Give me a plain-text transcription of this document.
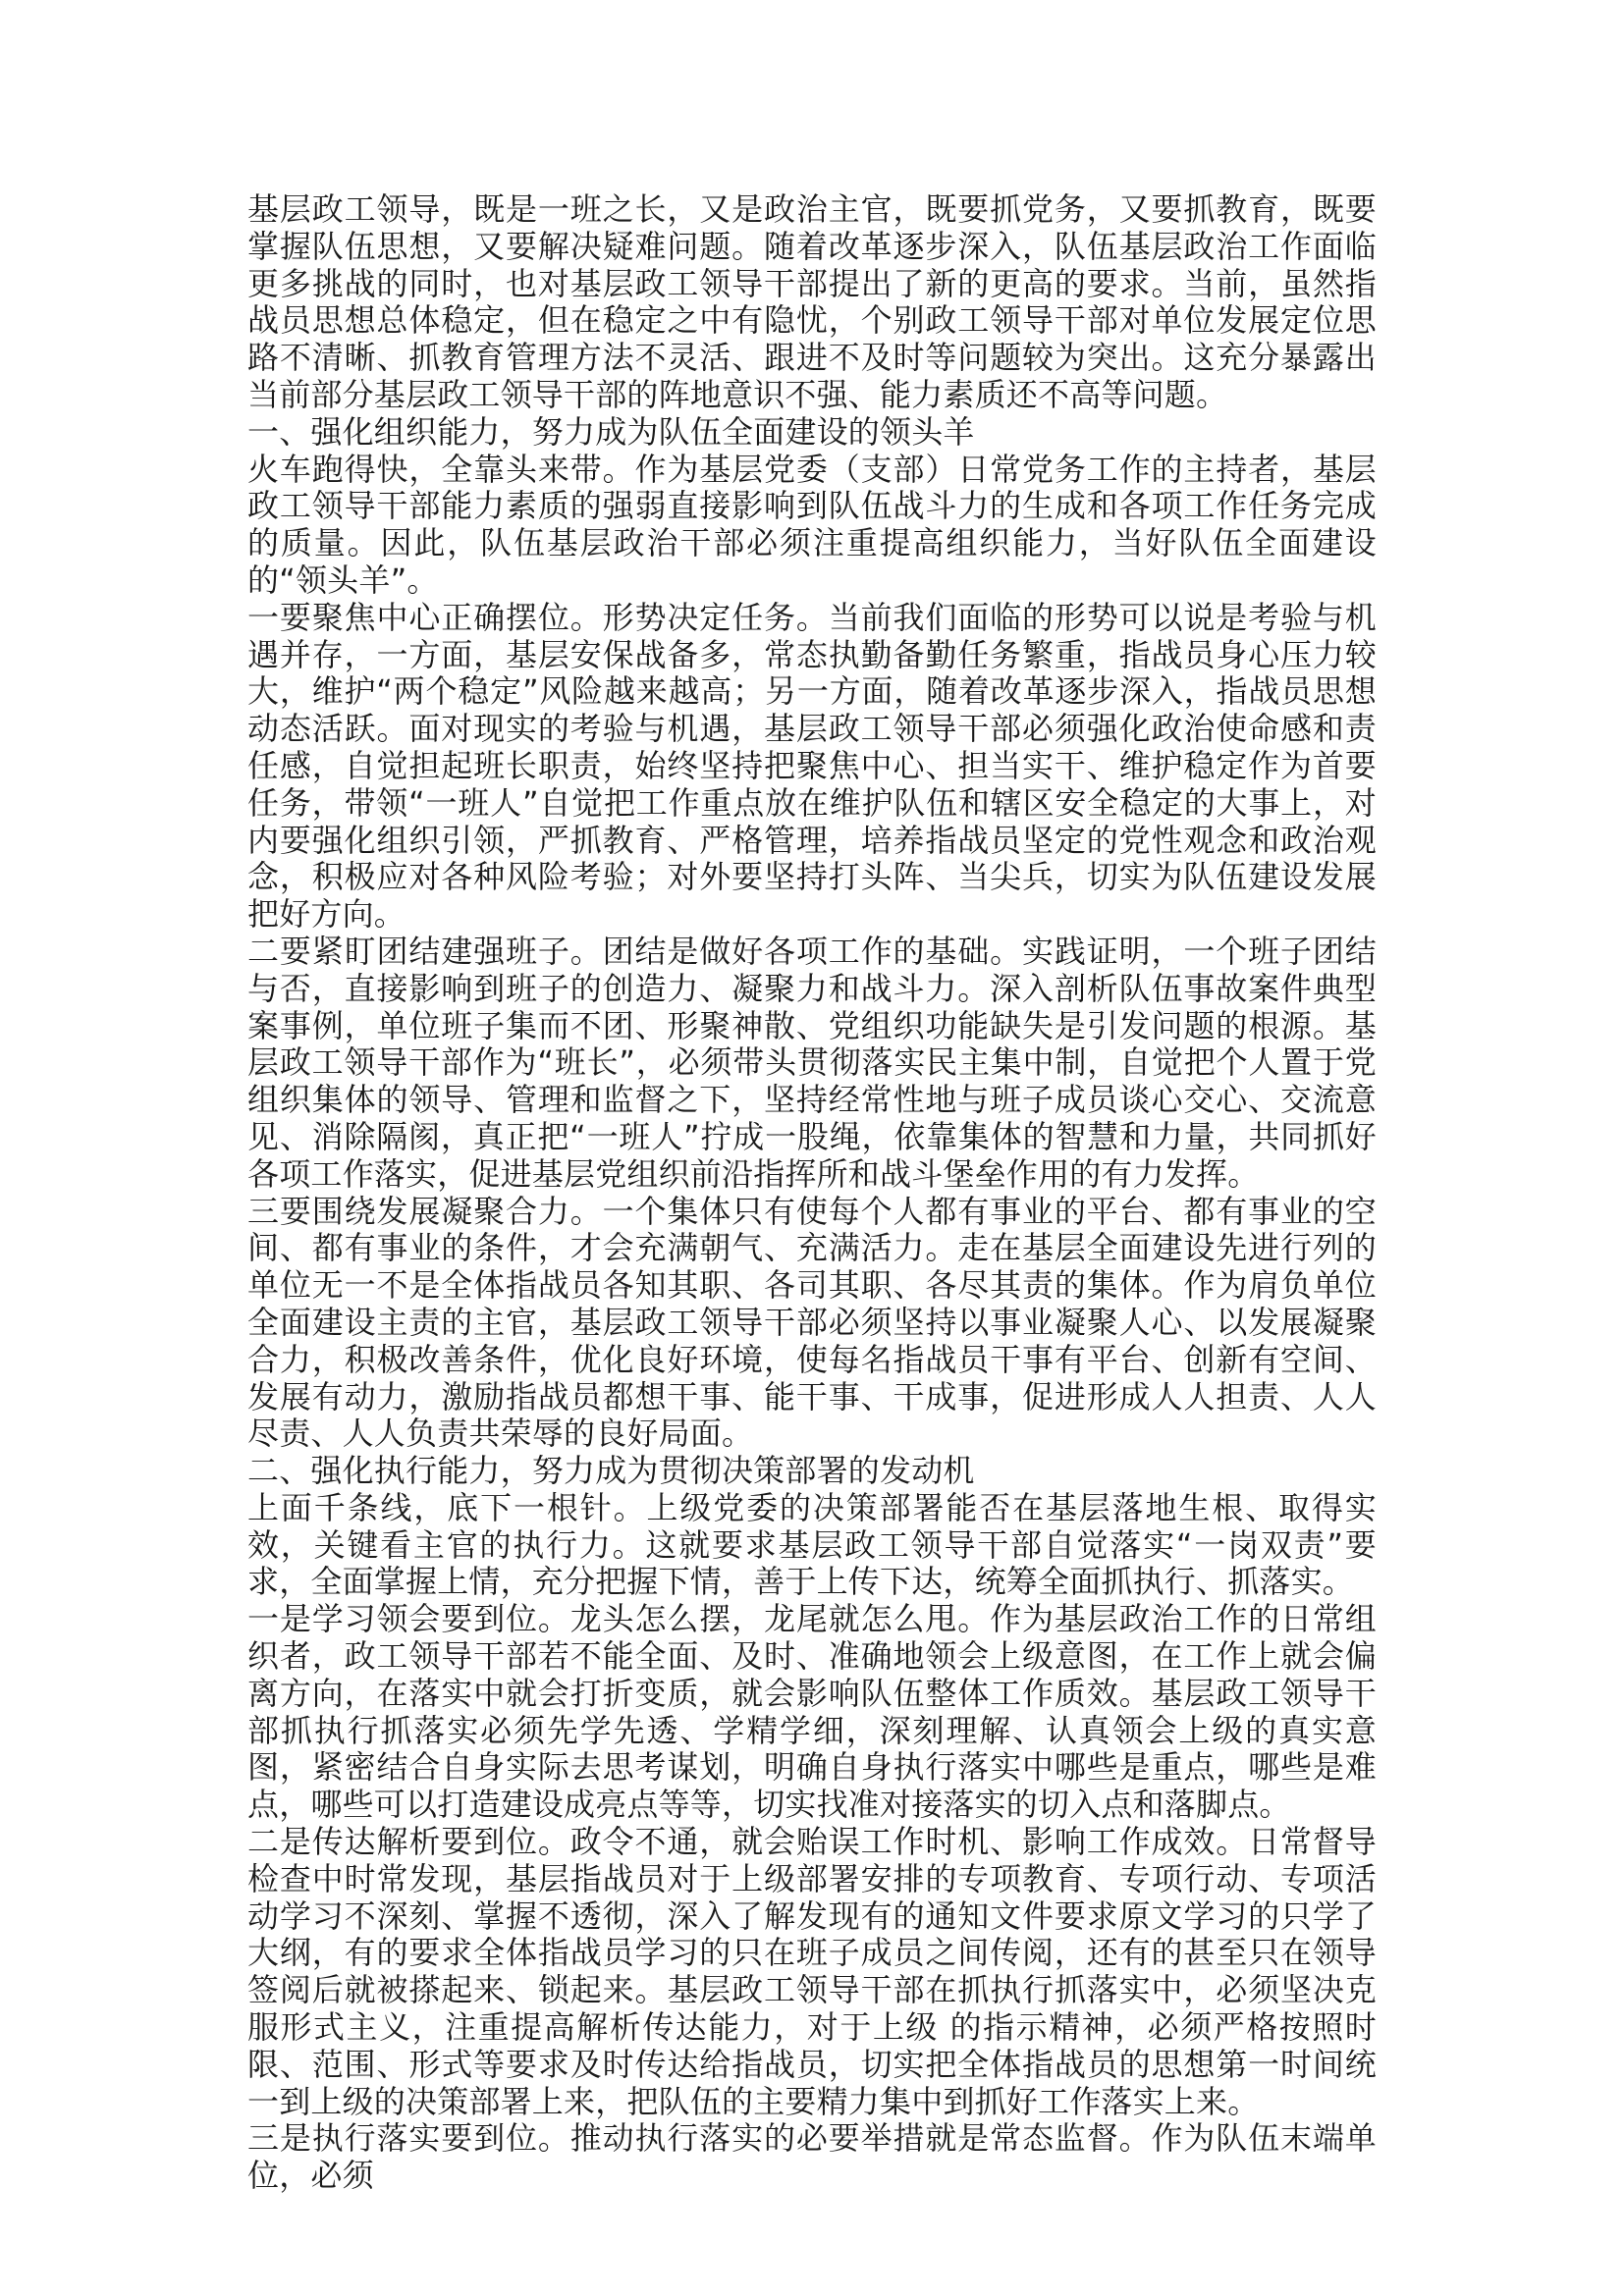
基层政工领导，既是一班之长，又是政治主官，既要抓党务，又要抓教育，既要掌握队伍思想，又要解决疑难问题。随着改革逐步深入，队伍基层政治工作面临更多挑战的同时，也对基层政工领导干部提出了新的更高的要求。当前，虽然指战员思想总体稳定，但在稳定之中有隐忧，个别政工领导干部对单位发展定位思路不清晰、抓教育管理方法不灵活、跟进不及时等问题较为突出。这充分暴露出当前部分基层政工领导干部的阵地意识不强、能力素质还不高等问题。

一、强化组织能力，努力成为队伍全面建设的领头羊

火车跑得快，全靠头来带。作为基层党委（支部）日常党务工作的主持者，基层政工领导干部能力素质的强弱直接影响到队伍战斗力的生成和各项工作任务完成的质量。因此，队伍基层政治干部必须注重提高组织能力，当好队伍全面建设的“领头羊”。

一要聚焦中心正确摆位。形势决定任务。当前我们面临的形势可以说是考验与机遇并存，一方面，基层安保战备多，常态执勤备勤任务繁重，指战员身心压力较大，维护“两个稳定”风险越来越高；另一方面，随着改革逐步深入，指战员思想动态活跃。面对现实的考验与机遇，基层政工领导干部必须强化政治使命感和责任感，自觉担起班长职责，始终坚持把聚焦中心、担当实干、维护稳定作为首要任务，带领“一班人”自觉把工作重点放在维护队伍和辖区安全稳定的大事上，对内要强化组织引领，严抓教育、严格管理，培养指战员坚定的党性观念和政治观念，积极应对各种风险考验；对外要坚持打头阵、当尖兵，切实为队伍建设发展把好方向。

二要紧盯团结建强班子。团结是做好各项工作的基础。实践证明，一个班子团结与否，直接影响到班子的创造力、凝聚力和战斗力。深入剖析队伍事故案件典型案事例，单位班子集而不团、形聚神散、党组织功能缺失是引发问题的根源。基层政工领导干部作为“班长”，必须带头贯彻落实民主集中制，自觉把个人置于党组织集体的领导、管理和监督之下，坚持经常性地与班子成员谈心交心、交流意见、消除隔阂，真正把“一班人”拧成一股绳，依靠集体的智慧和力量，共同抓好各项工作落实，促进基层党组织前沿指挥所和战斗堡垒作用的有力发挥。

三要围绕发展凝聚合力。一个集体只有使每个人都有事业的平台、都有事业的空间、都有事业的条件，才会充满朝气、充满活力。走在基层全面建设先进行列的单位无一不是全体指战员各知其职、各司其职、各尽其责的集体。作为肩负单位全面建设主责的主官，基层政工领导干部必须坚持以事业凝聚人心、以发展凝聚合力，积极改善条件，优化良好环境，使每名指战员干事有平台、创新有空间、发展有动力，激励指战员都想干事、能干事、干成事，促进形成人人担责、人人尽责、人人负责共荣辱的良好局面。

二、强化执行能力，努力成为贯彻决策部署的发动机

上面千条线，底下一根针。上级党委的决策部署能否在基层落地生根、取得实效，关键看主官的执行力。这就要求基层政工领导干部自觉落实“一岗双责”要求，全面掌握上情，充分把握下情，善于上传下达，统筹全面抓执行、抓落实。

一是学习领会要到位。龙头怎么摆，龙尾就怎么甩。作为基层政治工作的日常组织者，政工领导干部若不能全面、及时、准确地领会上级意图，在工作上就会偏离方向，在落实中就会打折变质，就会影响队伍整体工作质效。基层政工领导干部抓执行抓落实必须先学先透、学精学细，深刻理解、认真领会上级的真实意图，紧密结合自身实际去思考谋划，明确自身执行落实中哪些是重点，哪些是难点，哪些可以打造建设成亮点等等，切实找准对接落实的切入点和落脚点。

二是传达解析要到位。政令不通，就会贻误工作时机、影响工作成效。日常督导检查中时常发现，基层指战员对于上级部署安排的专项教育、专项行动、专项活动学习不深刻、掌握不透彻，深入了解发现有的通知文件要求原文学习的只学了大纲，有的要求全体指战员学习的只在班子成员之间传阅，还有的甚至只在领导签阅后就被搽起来、锁起来。基层政工领导干部在抓执行抓落实中，必须坚决克服形式主义，注重提高解析传达能力，对于上级 的指示精神，必须严格按照时限、范围、形式等要求及时传达给指战员，切实把全体指战员的思想第一时间统一到上级的决策部署上来，把队伍的主要精力集中到抓好工作落实上来。

三是执行落实要到位。推动执行落实的必要举措就是常态监督。作为队伍末端单位，必须
